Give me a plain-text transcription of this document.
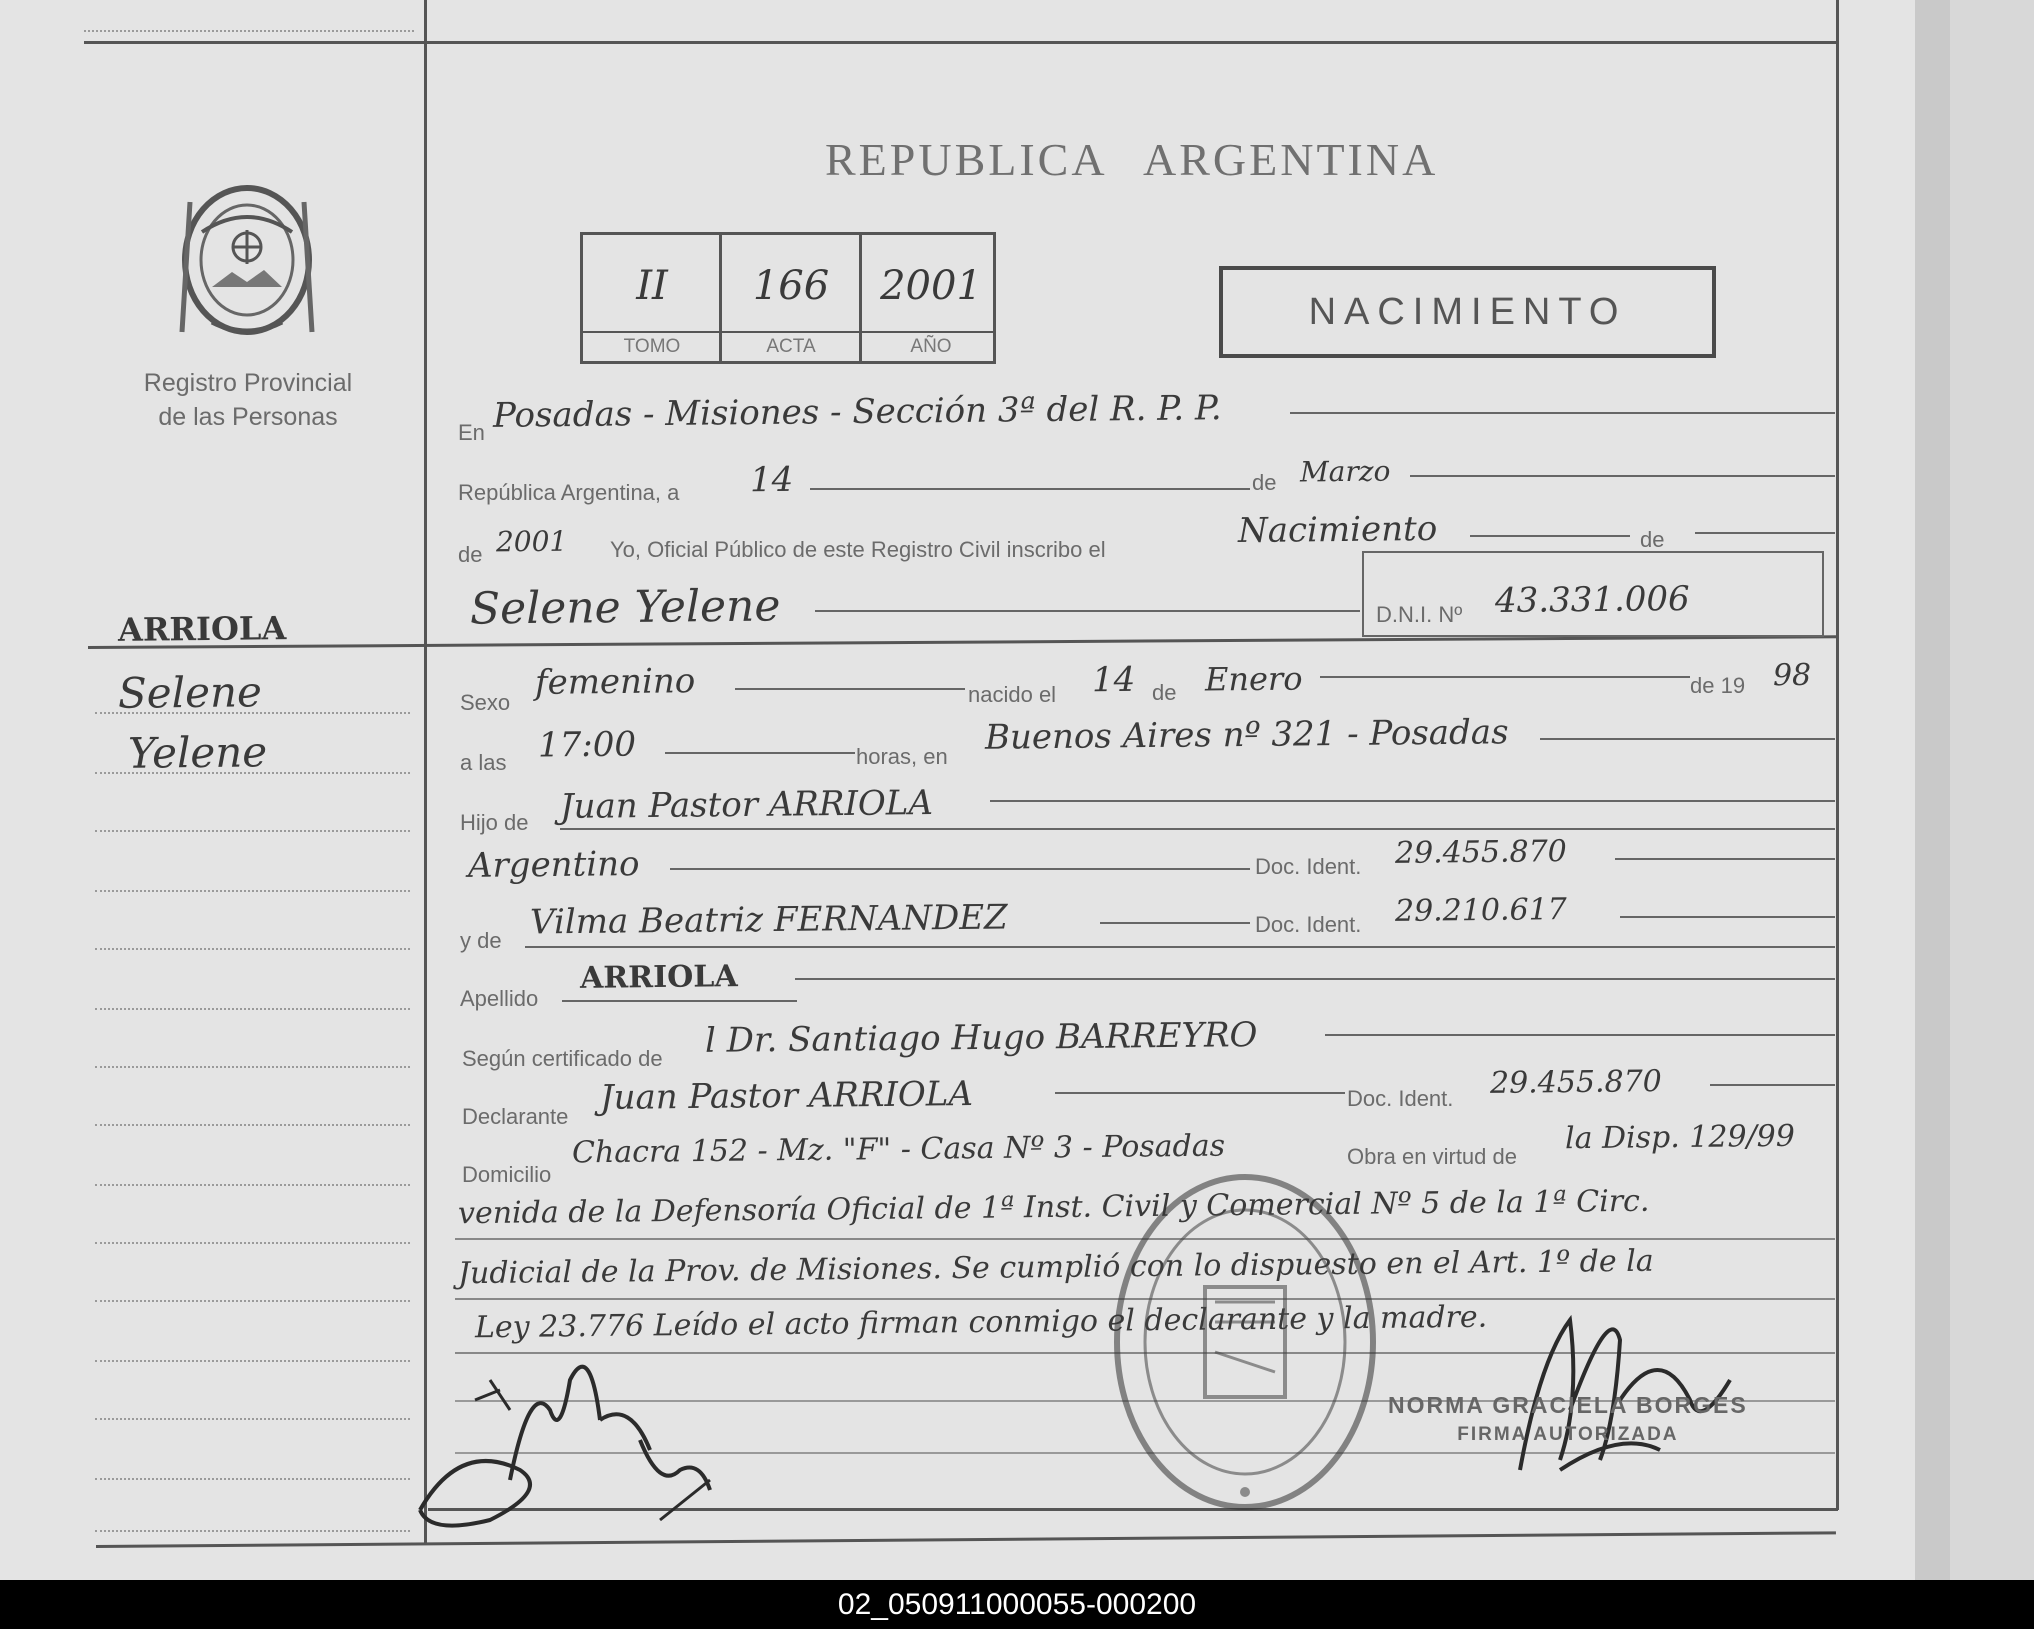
Registro Provincial
de las Personas
REPUBLICA ARGENTINA
II	166	2001
TOMO	ACTA	AÑO
NACIMIENTO
En Posadas - Misiones - Sección 3ª del R. P. P.
República Argentina, a 14	de Marzo
de 2001 Yo, Oficial Público de este Registro Civil inscribo el	Nacimiento	de
Selene Yelene	D.N.I. Nº 43.331.006
Sexo femenino	nacido el 14 de Enero	de 19 98
a las 17:00	horas, en Buenos Aires nº 321 - Posadas
Hijo de Juan Pastor ARRIOLA
Argentino	Doc. Ident. 29.455.870
y de Vilma Beatriz FERNANDEZ	Doc. Ident. 29.210.617
Apellido
ARRIOLA
Según certificado de l Dr. Santiago Hugo BARREYRO
Declarante Juan Pastor ARRIOLA	Doc. Ident. 29.455.870
Domicilio
Chacra 152 - Mz. "F" - Casa Nº 3 - Posadas	Obra en virtud de
la Disp. 129/99
venida de la Defensoría Oficial de 1ª Inst. Civil y Comercial Nº 5 de la 1ª Circ.
Judicial de la Prov. de Misiones. Se cumplió con lo dispuesto en el Art. 1º de la
Ley 23.776 Leído el acto firman conmigo el declarante y la madre.
ARRIOLA
Selene
Yelene
NORMA GRACIELA BORGES
FIRMA AUTORIZADA
02_050911000055-000200
